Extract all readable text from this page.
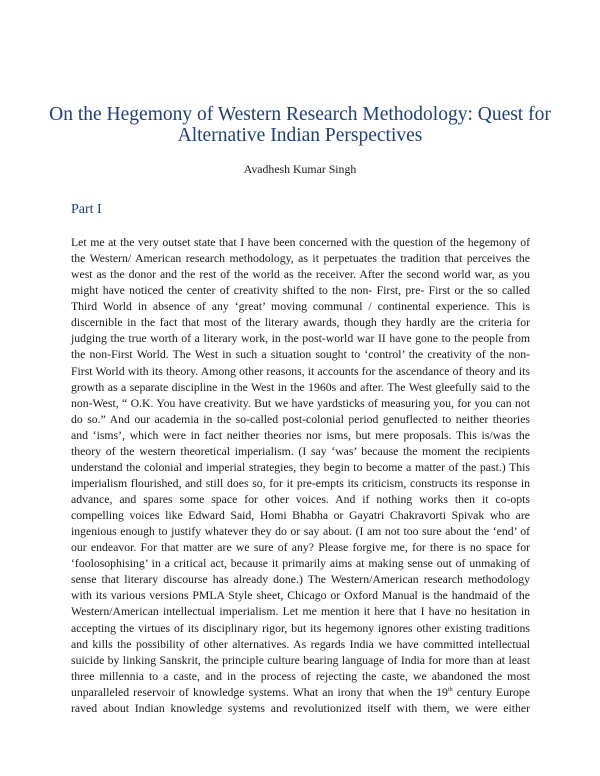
On the Hegemony of Western Research Methodology: Quest for
Alternative Indian Perspectives
Avadhesh Kumar Singh
Part I
Let me at the very outset state that I have been concerned with the question of the hegemony of
the Western/ American research methodology, as it perpetuates the tradition that perceives the
west as the donor and the rest of the world as the receiver. After the second world war, as you
might have noticed the center of creativity shifted to the non- First, pre- First or the so called
Third World in absence of any ‘great’ moving communal / continental experience. This is
discernible in the fact that most of the literary awards, though they hardly are the criteria for
judging the true worth of a literary work, in the post-world war II have gone to the people from
the non-First World. The West in such a situation sought to ‘control’ the creativity of the non-
First World with its theory. Among other reasons, it accounts for the ascendance of theory and its
growth as a separate discipline in the West in the 1960s and after. The West gleefully said to the
non-West, “ O.K. You have creativity. But we have yardsticks of measuring you, for you can not
do so.” And our academia in the so-called post-colonial period genuflected to neither theories
and ‘isms’, which were in fact neither theories nor isms, but mere proposals. This is/was the
theory of the western theoretical imperialism. (I say ‘was’ because the moment the recipients
understand the colonial and imperial strategies, they begin to become a matter of the past.) This
imperialism flourished, and still does so, for it pre-empts its criticism, constructs its response in
advance, and spares some space for other voices. And if nothing works then it co-opts
compelling voices like Edward Said, Homi Bhabha or Gayatri Chakravorti Spivak who are
ingenious enough to justify whatever they do or say about. (I am not too sure about the ‘end’ of
our endeavor. For that matter are we sure of any? Please forgive me, for there is no space for
‘foolosophising’ in a critical act, because it primarily aims at making sense out of unmaking of
sense that literary discourse has already done.) The Western/American research methodology
with its various versions PMLA Style sheet, Chicago or Oxford Manual is the handmaid of the
Western/American intellectual imperialism. Let me mention it here that I have no hesitation in
accepting the virtues of its disciplinary rigor, but its hegemony ignores other existing traditions
and kills the possibility of other alternatives. As regards India we have committed intellectual
suicide by linking Sanskrit, the principle culture bearing language of India for more than at least
three millennia to a caste, and in the process of rejecting the caste, we abandoned the most
unparalleled reservoir of knowledge systems. What an irony that when the 19th century Europe
raved about Indian knowledge systems and revolutionized itself with them, we were either
